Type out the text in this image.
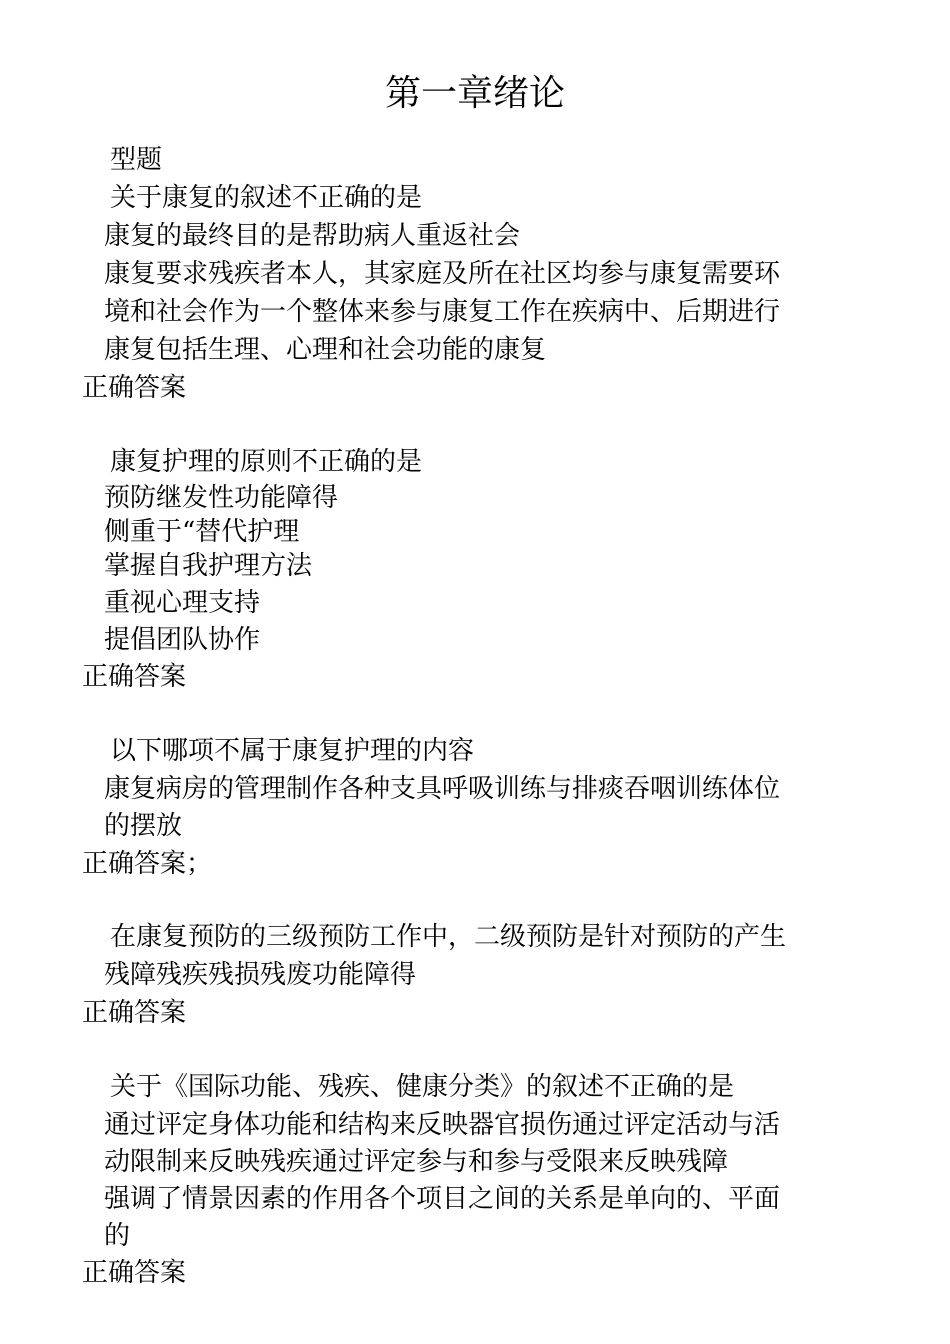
第一章绪论
型题
关于康复的叙述不正确的是
康复的最终目的是帮助病人重返社会
康复要求残疾者本人，其家庭及所在社区均参与康复需要环
境和社会作为一个整体来参与康复工作在疾病中、后期进行
康复包括生理、心理和社会功能的康复
正确答案
康复护理的原则不正确的是
预防继发性功能障得
侧重于“替代护理
掌握自我护理方法
重视心理支持
提倡团队协作
正确答案
以下哪项不属于康复护理的内容
康复病房的管理制作各种支具呼吸训练与排痰吞咽训练体位
的摆放
正确答案；
在康复预防的三级预防工作中，二级预防是针对预防的产生
残障残疾残损残废功能障得
正确答案
关于《国际功能、残疾、健康分类》的叙述不正确的是
通过评定身体功能和结构来反映器官损伤通过评定活动与活
动限制来反映残疾通过评定参与和参与受限来反映残障
强调了情景因素的作用各个项目之间的关系是单向的、平面
的
正确答案
